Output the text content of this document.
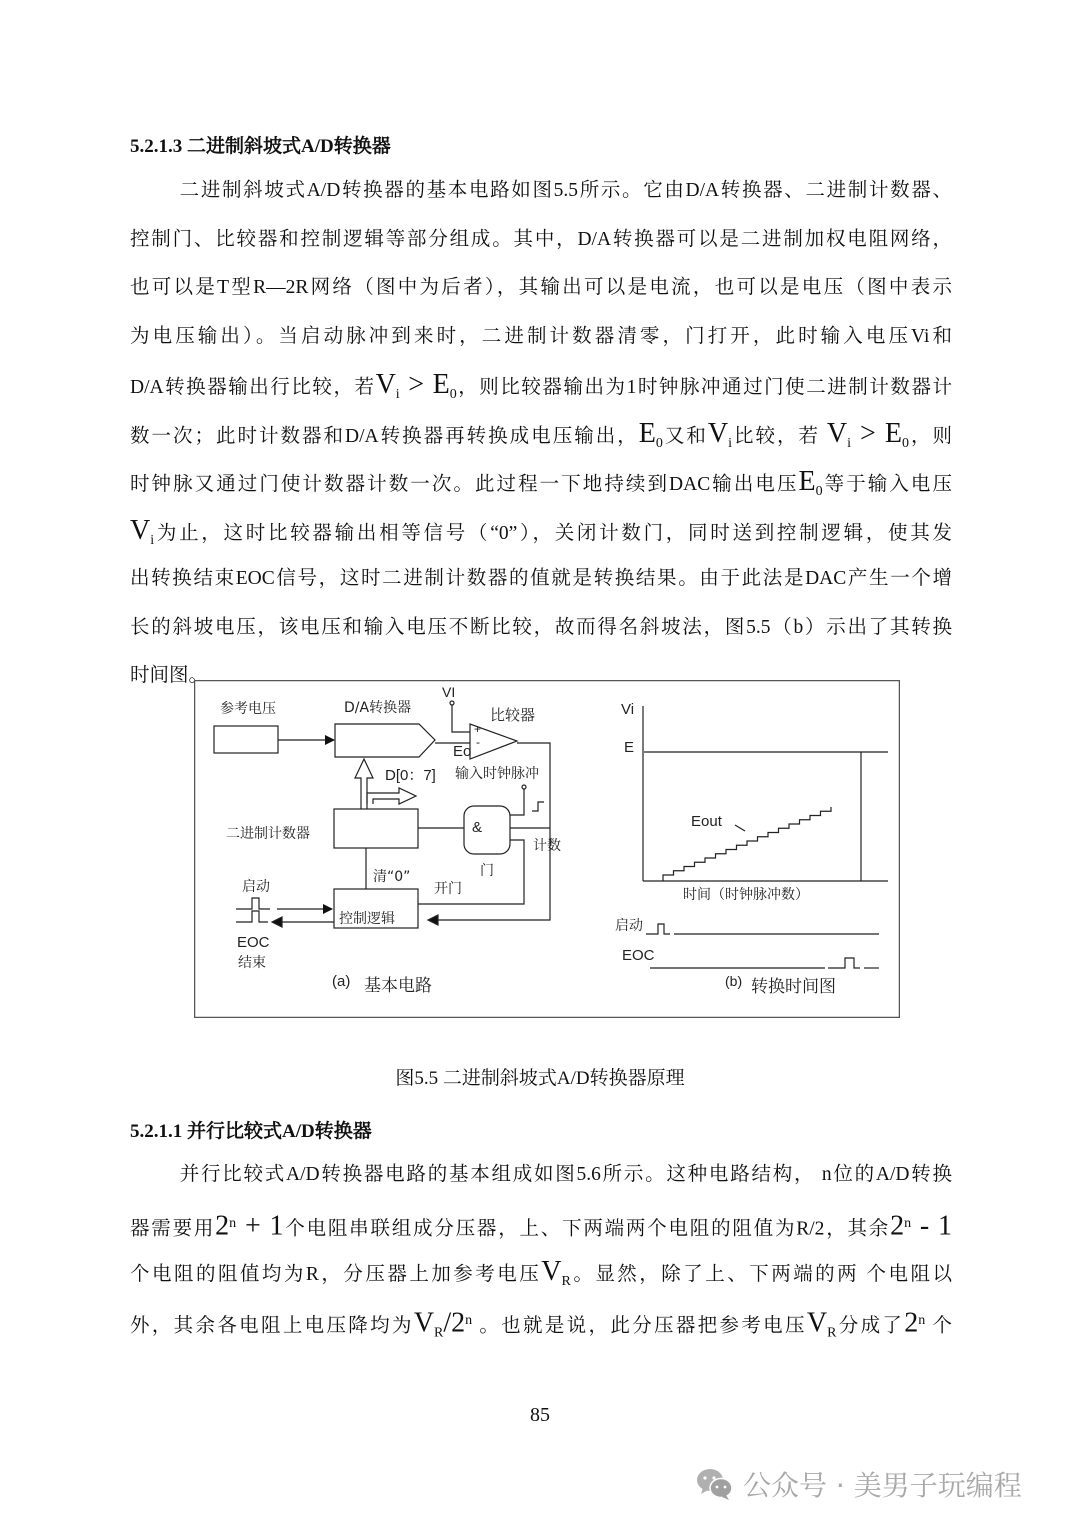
5.2.1.3 二进制斜坡式A/D转换器
二进制斜坡式A/D转换器的基本电路如图5.5所示。它由D/A转换器、二进制计数器、
控制门、比较器和控制逻辑等部分组成。其中，D/A转换器可以是二进制加权电阻网络，
也可以是T型R—2R网络（图中为后者），其输出可以是电流，也可以是电压（图中表示
为电压输出）。当启动脉冲到来时，二进制计数器清零，门打开，此时输入电压Vi和
D/A转换器输出行比较，若$V_i > E_0$，则比较器输出为1时钟脉冲通过门使二进制计数器计
数一次；此时计数器和D/A转换器再转换成电压输出，$E_0$又和$V_i$比较，若 $V_i > E_0$，则
时钟脉又通过门使计数器计数一次。此过程一下地持续到DAC输出电压$E_0$等于输入电压
$V_i$为止，这时比较器输出相等信号（“0”），关闭计数门，同时送到控制逻辑，使其发
出转换结束EOC信号，这时二进制计数器的值就是转换结果。由于此法是DAC产生一个增
长的斜坡电压，该电压和输入电压不断比较，故而得名斜坡法，图5.5（b）示出了其转换
时间图。
参考电压	D/A转换器
VI
比较器
+
-
Eo
D[0：7] 输入时钟脉冲
二进制计数器	&
门
计数
清“0”
开门
启动
控制逻辑
EOC
结束
(a) 基本电路
Vi
E
Eout
时间（时钟脉冲数）
启动
EOC
(b) 转换时间图
图5.5 二进制斜坡式A/D转换器原理
5.2.1.1 并行比较式A/D转换器
并行比较式A/D转换器电路的基本组成如图5.6所示。这种电路结构， n位的A/D转换
器需要用$2^n + 1$个电阻串联组成分压器，上、下两端两个电阻的阻值为R/2，其余2$^n$ - 1
个电阻的阻值均为R，分压器上加参考电压$V_R$。显然，除了上、下两端的两 个电阻以
外，其余各电阻上电压降均为$V_R/2^n$ 。也就是说，此分压器把参考电压$V_R$分成了2$^n$ 个
85
公众号 · 美男子玩编程
